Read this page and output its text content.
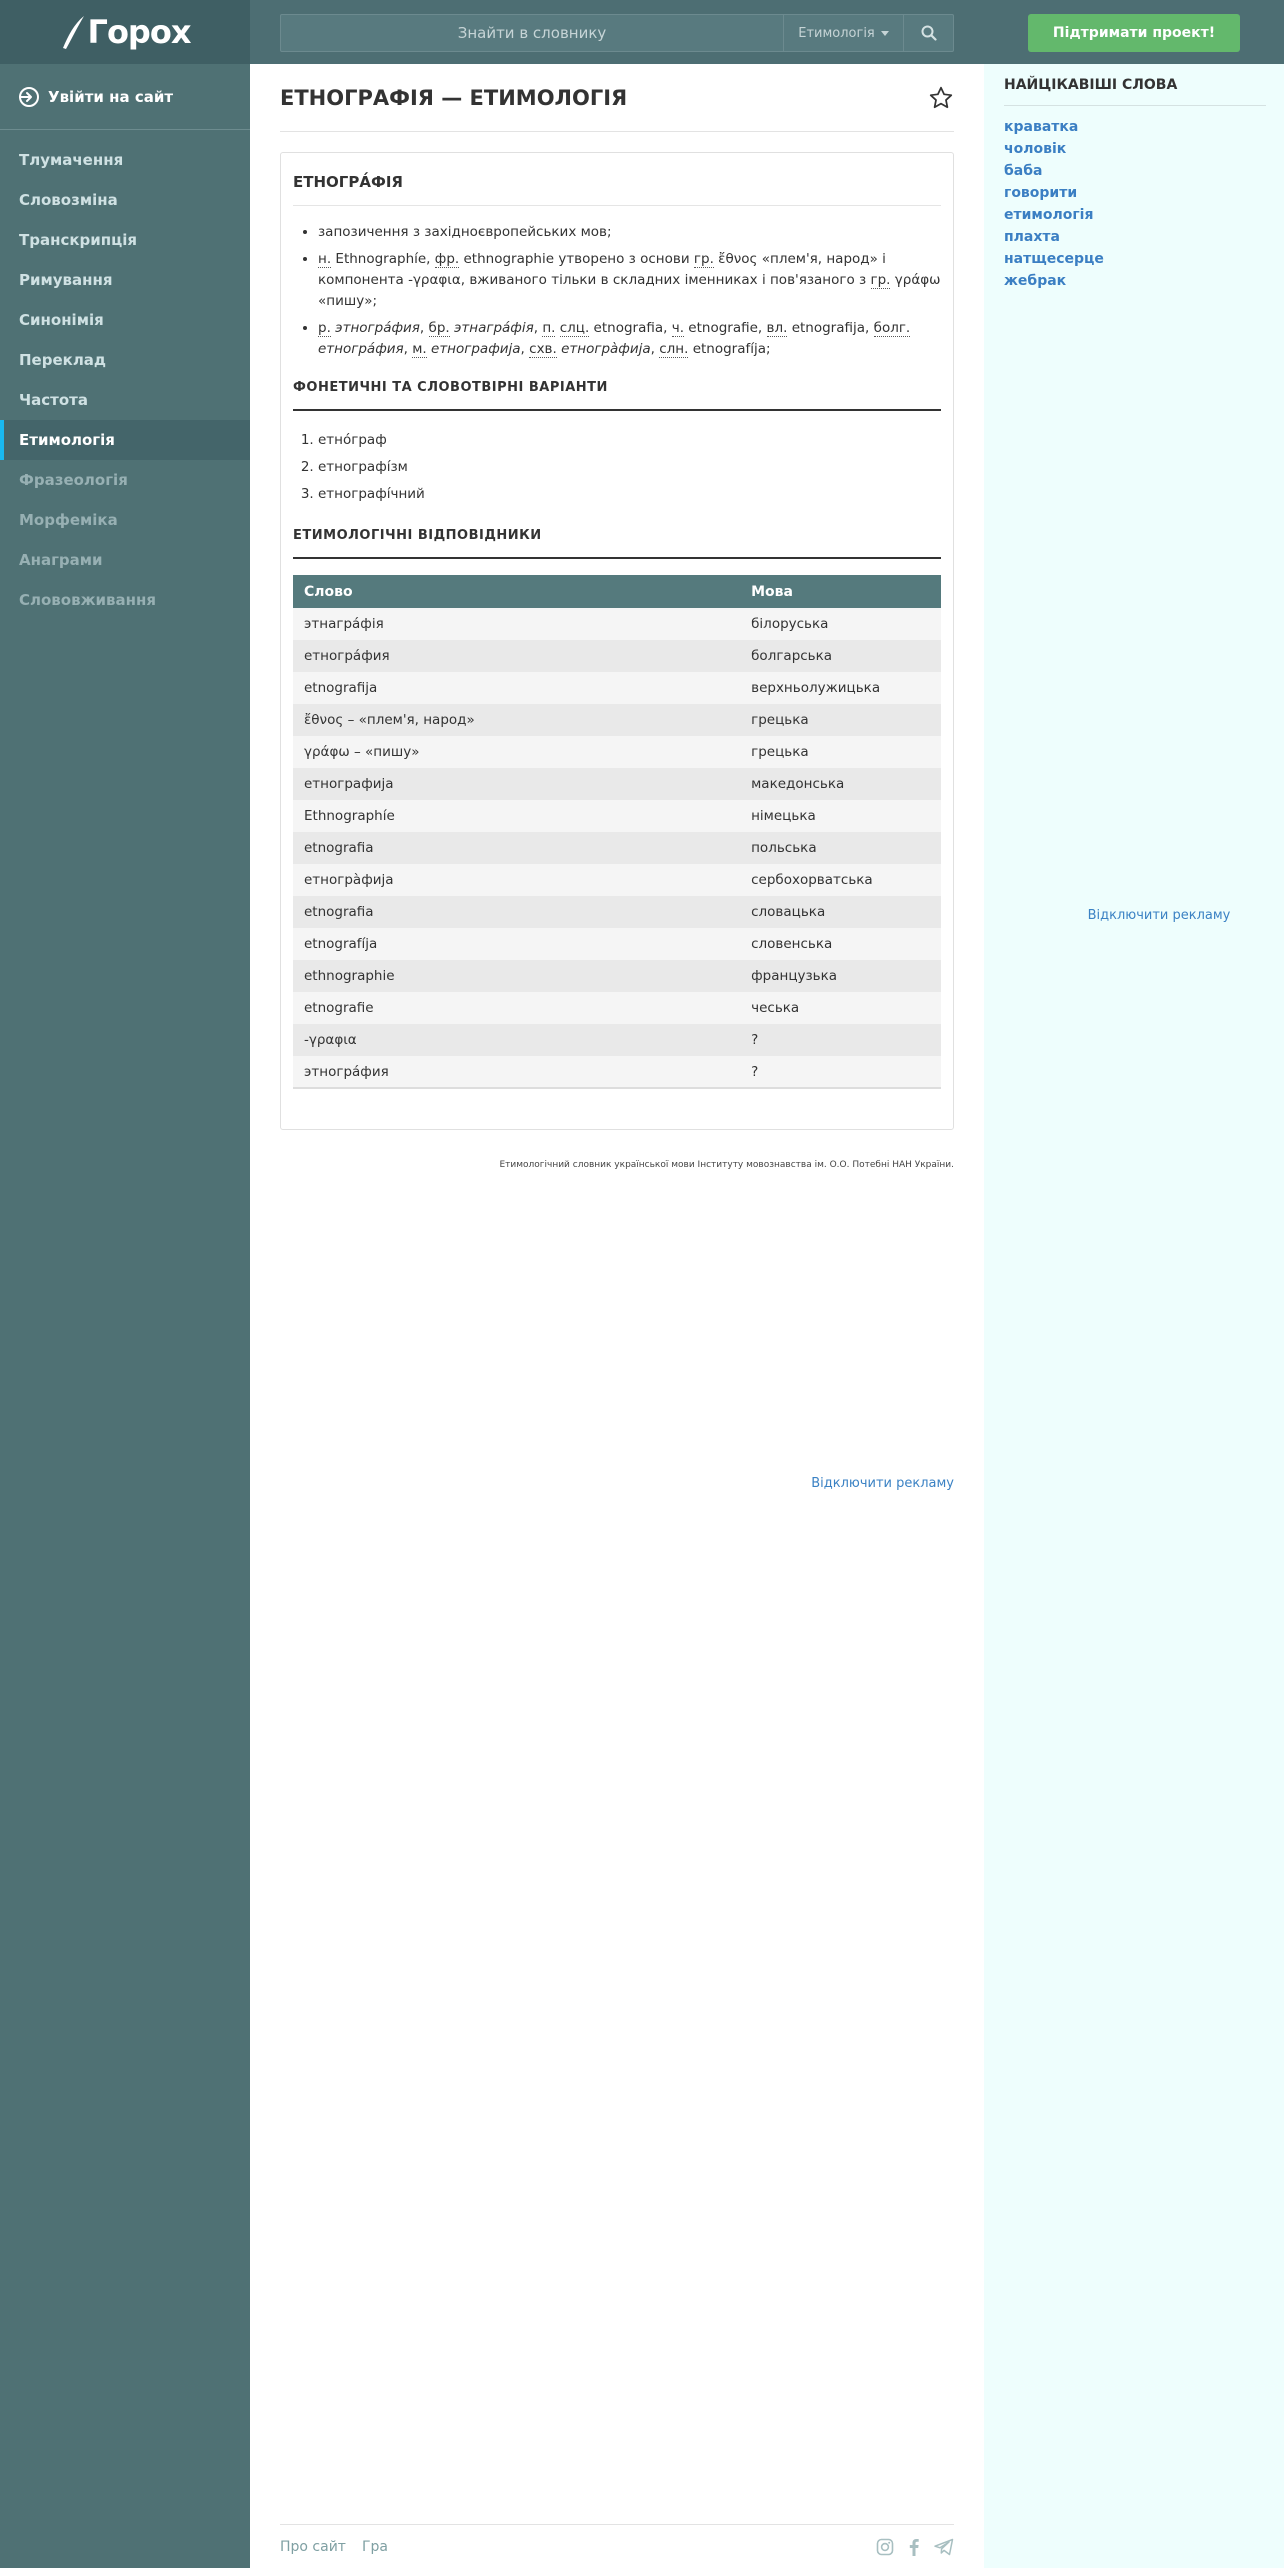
Горох
Знайти в словнику	Етимологія	Підтримати проект!
Увійти на сайт
Тлумачення
Словозміна
Транскрипція
Римування
Синонімія
Переклад
Частота
Етимологія
Фразеологія
Морфеміка
Анаграми
Слововживання
ЕТНОГРАФІЯ — ЕТИМОЛОГІЯ
ЕТНОГРА́ФІЯ
• запозичення з західноєвропейських мов;
• н. Ethnographíe, фр. ethnographie утворено з основи гр. ἔθνος «плем'я, народ» і компонента -γραφια, вживаного тільки в складних іменниках і пов'язаного з гр. γράφω «пишу»;
• р. этногра́фия, бр. этнагра́фія, п. слц. etnografia, ч. etnografie, вл. etnografija, болг. етногра́фия, м. етнографија, схв. етногра̀фија, слн. etnografíja;
ФОНЕТИЧНІ ТА СЛОВОТВІРНІ ВАРІАНТИ
1. етно́граф
2. етнографі́зм
3. етнографі́чний
ЕТИМОЛОГІЧНІ ВІДПОВІДНИКИ
Слово	Мова
этнагра́фія	білоруська
етногра́фия	болгарська
etnografija	верхньолужицька
ἔθνος – «плем'я, народ»	грецька
γράφω – «пишу»	грецька
етнографија	македонська
Ethnographíe	німецька
etnografia	польська
етногра̀фија	сербохорватська
etnografia	словацька
etnografíja	словенська
ethnographie	французька
etnografie	чеська
-γραφια	?
этногра́фия	?
Етимологічний словник української мови Інституту мовознавства ім. О.О. Потебні НАН України.
Відключити рекламу
Про сайт Гра
НАЙЦІКАВІШІ СЛОВА
краватка
чоловік
баба
говорити
етимологія
плахта
натщесерце
жебрак
Відключити рекламу
